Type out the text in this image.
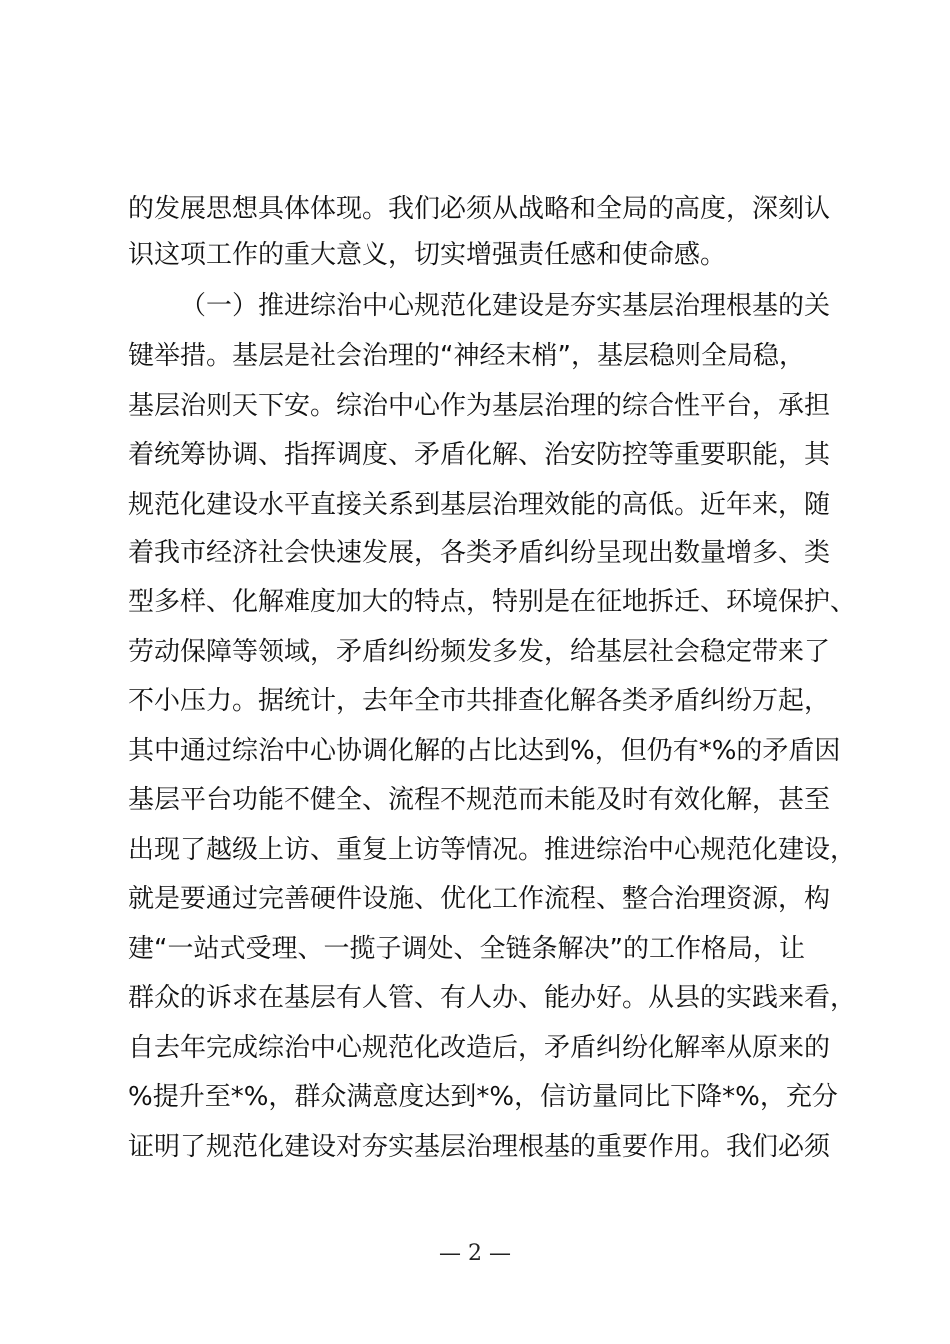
的发展思想具体体现。我们必须从战略和全局的高度，深刻认
识这项工作的重大意义，切实增强责任感和使命感。
（一）推进综治中心规范化建设是夯实基层治理根基的关
键举措。基层是社会治理的“神经末梢”，基层稳则全局稳，
基层治则天下安。综治中心作为基层治理的综合性平台，承担
着统筹协调、指挥调度、矛盾化解、治安防控等重要职能，其
规范化建设水平直接关系到基层治理效能的高低。近年来，随
着我市经济社会快速发展，各类矛盾纠纷呈现出数量增多、类
型多样、化解难度加大的特点，特别是在征地拆迁、环境保护、
劳动保障等领域，矛盾纠纷频发多发，给基层社会稳定带来了
不小压力。据统计，去年全市共排查化解各类矛盾纠纷万起，
其中通过综治中心协调化解的占比达到%，但仍有*%的矛盾因
基层平台功能不健全、流程不规范而未能及时有效化解，甚至
出现了越级上访、重复上访等情况。推进综治中心规范化建设，
就是要通过完善硬件设施、优化工作流程、整合治理资源，构
建“一站式受理、一揽子调处、全链条解决”的工作格局，让
群众的诉求在基层有人管、有人办、能办好。从县的实践来看，
自去年完成综治中心规范化改造后，矛盾纠纷化解率从原来的
%提升至*%，群众满意度达到*%，信访量同比下降*%，充分
证明了规范化建设对夯实基层治理根基的重要作用。我们必须
— 2 —
